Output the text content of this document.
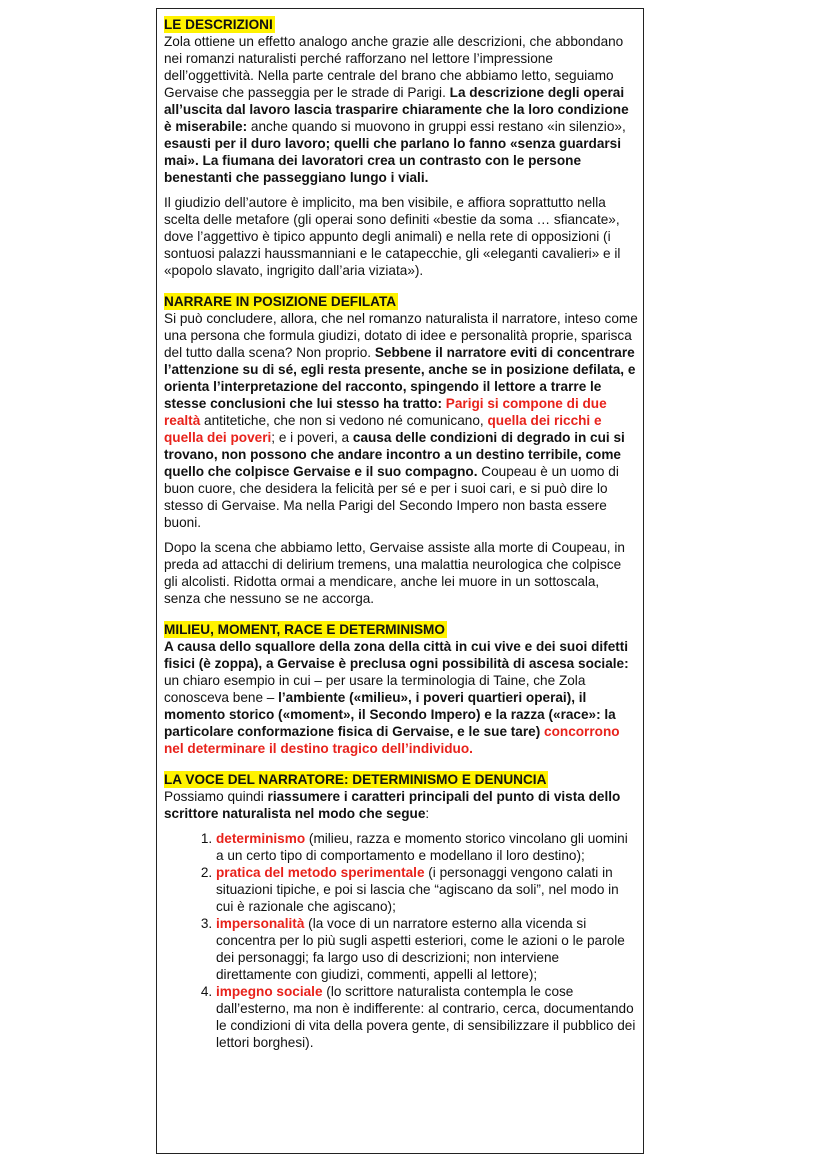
LE DESCRIZIONI

Zola ottiene un effetto analogo anche grazie alle descrizioni, che abbondano nei romanzi naturalisti perché rafforzano nel lettore l’impressione dell’oggettività. Nella parte centrale del brano che abbiamo letto, seguiamo Gervaise che passeggia per le strade di Parigi. La descrizione degli operai all’uscita dal lavoro lascia trasparire chiaramente che la loro condizione è miserabile: anche quando si muovono in gruppi essi restano «in silenzio», esausti per il duro lavoro; quelli che parlano lo fanno «senza guardarsi mai». La fiumana dei lavoratori crea un contrasto con le persone benestanti che passeggiano lungo i viali.

Il giudizio dell’autore è implicito, ma ben visibile, e affiora soprattutto nella scelta delle metafore (gli operai sono definiti «bestie da soma … sfiancate», dove l’aggettivo è tipico appunto degli animali) e nella rete di opposizioni (i sontuosi palazzi haussmanniani e le catapecchie, gli «eleganti cavalieri» e il «popolo slavato, ingrigito dall’aria viziata»).

NARRARE IN POSIZIONE DEFILATA

Si può concludere, allora, che nel romanzo naturalista il narratore, inteso come una persona che formula giudizi, dotato di idee e personalità proprie, sparisca del tutto dalla scena? Non proprio. Sebbene il narratore eviti di concentrare l’attenzione su di sé, egli resta presente, anche se in posizione defilata, e orienta l’interpretazione del racconto, spingendo il lettore a trarre le stesse conclusioni che lui stesso ha tratto: Parigi si compone di due realtà antitetiche, che non si vedono né comunicano, quella dei ricchi e quella dei poveri; e i poveri, a causa delle condizioni di degrado in cui si trovano, non possono che andare incontro a un destino terribile, come quello che colpisce Gervaise e il suo compagno. Coupeau è un uomo di buon cuore, che desidera la felicità per sé e per i suoi cari, e si può dire lo stesso di Gervaise. Ma nella Parigi del Secondo Impero non basta essere buoni.

Dopo la scena che abbiamo letto, Gervaise assiste alla morte di Coupeau, in preda ad attacchi di delirium tremens, una malattia neurologica che colpisce gli alcolisti. Ridotta ormai a mendicare, anche lei muore in un sottoscala, senza che nessuno se ne accorga.

MILIEU, MOMENT, RACE E DETERMINISMO

A causa dello squallore della zona della città in cui vive e dei suoi difetti fisici (è zoppa), a Gervaise è preclusa ogni possibilità di ascesa sociale: un chiaro esempio in cui – per usare la terminologia di Taine, che Zola conosceva bene – l’ambiente («milieu», i poveri quartieri operai), il momento storico («moment», il Secondo Impero) e la razza («race»: la particolare conformazione fisica di Gervaise, e le sue tare) concorrono nel determinare il destino tragico dell’individuo.

LA VOCE DEL NARRATORE: DETERMINISMO E DENUNCIA

Possiamo quindi riassumere i caratteri principali del punto di vista dello scrittore naturalista nel modo che segue:

1. determinismo (milieu, razza e momento storico vincolano gli uomini a un certo tipo di comportamento e modellano il loro destino);
2. pratica del metodo sperimentale (i personaggi vengono calati in situazioni tipiche, e poi si lascia che “agiscano da soli”, nel modo in cui è razionale che agiscano);
3. impersonalità (la voce di un narratore esterno alla vicenda si concentra per lo più sugli aspetti esteriori, come le azioni o le parole dei personaggi; fa largo uso di descrizioni; non interviene direttamente con giudizi, commenti, appelli al lettore);
4. impegno sociale (lo scrittore naturalista contempla le cose dall’esterno, ma non è indifferente: al contrario, cerca, documentando le condizioni di vita della povera gente, di sensibilizzare il pubblico dei lettori borghesi).
